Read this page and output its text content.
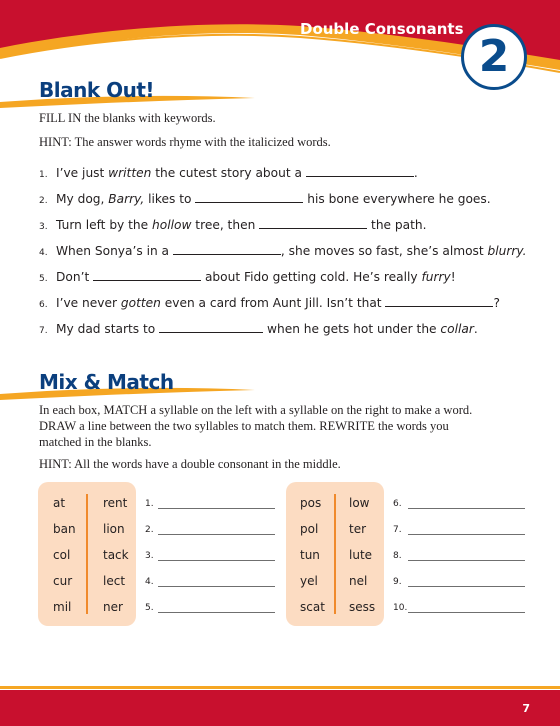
Double Consonants
2
Blank Out!
FILL IN the blanks with keywords.
HINT: The answer words rhyme with the italicized words.
1. I’ve just written the cutest story about a	.
2. My dog, Barry, likes to	his bone everywhere he goes.
3. Turn left by the hollow tree, then	the path.
4. When Sonya’s in a	, she moves so fast, she’s almost blurry.
5. Don’t	about Fido getting cold. He’s really furry!
6. I’ve never gotten even a card from Aunt Jill. Isn’t that	?
7. My dad starts to	when he gets hot under the collar.
Mix & Match
In each box, MATCH a syllable on the left with a syllable on the right to make a word.
DRAW a line between the two syllables to match them. REWRITE the words you
matched in the blanks.
HINT: All the words have a double consonant in the middle.
at	rent
ban lion
col	tack
cur	lect
mil	ner
pos low
pol	ter
tun lute
yel	nel
scat sess
1.	6.
2.	7.
3.	8.
4.	9.
5.	10.
7
